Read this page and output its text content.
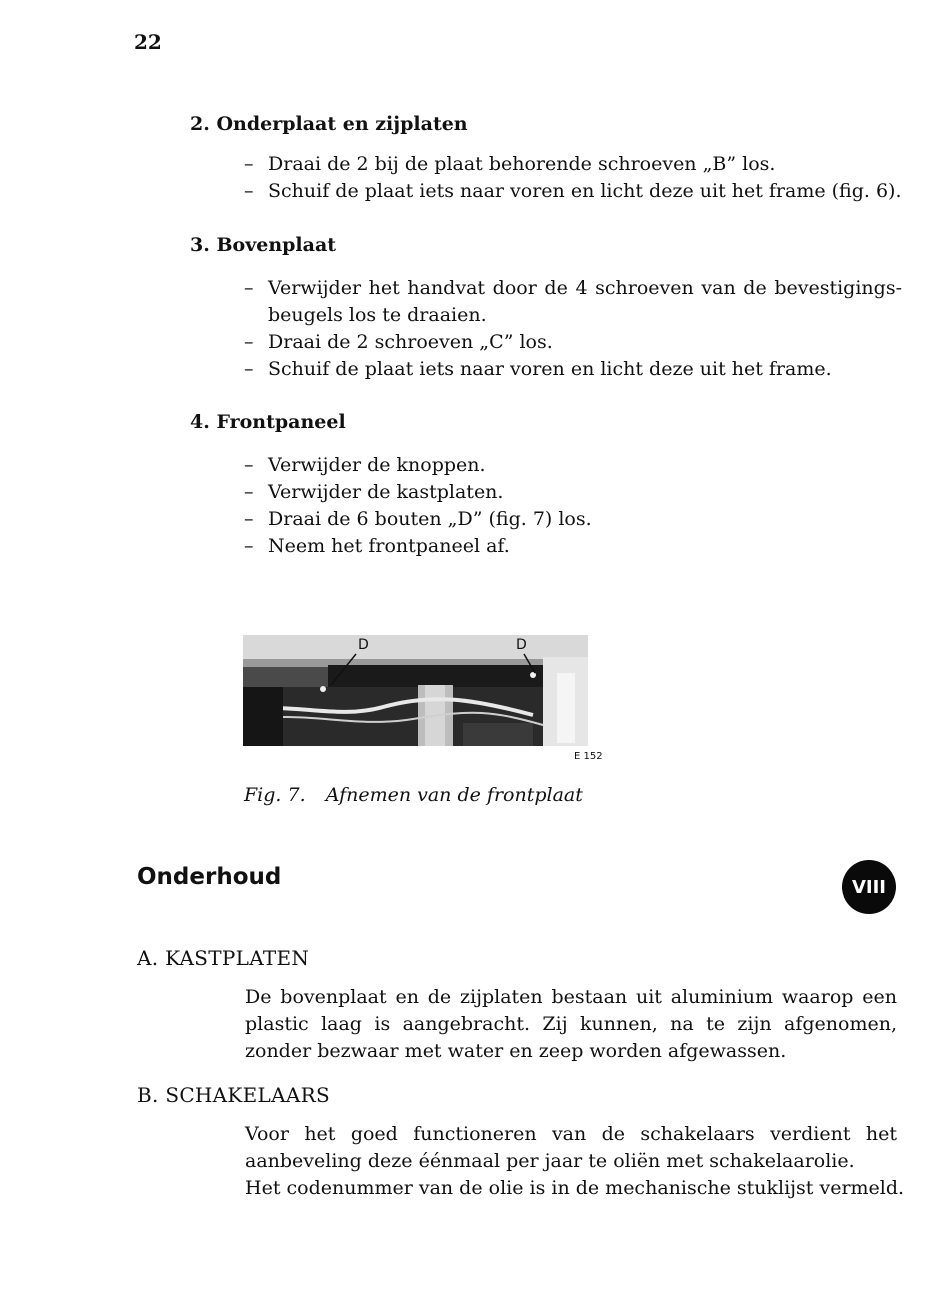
22
2. Onderplaat en zijplaten
– Draai de 2 bij de plaat behorende schroeven „B” los.
– Schuif de plaat iets naar voren en licht deze uit het frame (fig. 6).
3. Bovenplaat
– Verwijder het handvat door de 4 schroeven van de bevestigings-beugels los te draaien.
– Draai de 2 schroeven „C” los.
– Schuif de plaat iets naar voren en licht deze uit het frame.
4. Frontpaneel
– Verwijder de knoppen.
– Verwijder de kastplaten.
– Draai de 6 bouten „D” (fig. 7) los.
– Neem het frontpaneel af.
D	D
E 152
Fig. 7. Afnemen van de frontplaat
Onderhoud	VIII
A. KASTPLATEN
De bovenplaat en de zijplaten bestaan uit aluminium waarop een plastic laag is aangebracht. Zij kunnen, na te zijn afgenomen, zonder bezwaar met water en zeep worden afgewassen.
B. SCHAKELAARS
Voor het goed functioneren van de schakelaars verdient het aanbeveling deze éénmaal per jaar te oliën met schakelaarolie.
Het codenummer van de olie is in de mechanische stuklijst vermeld.
